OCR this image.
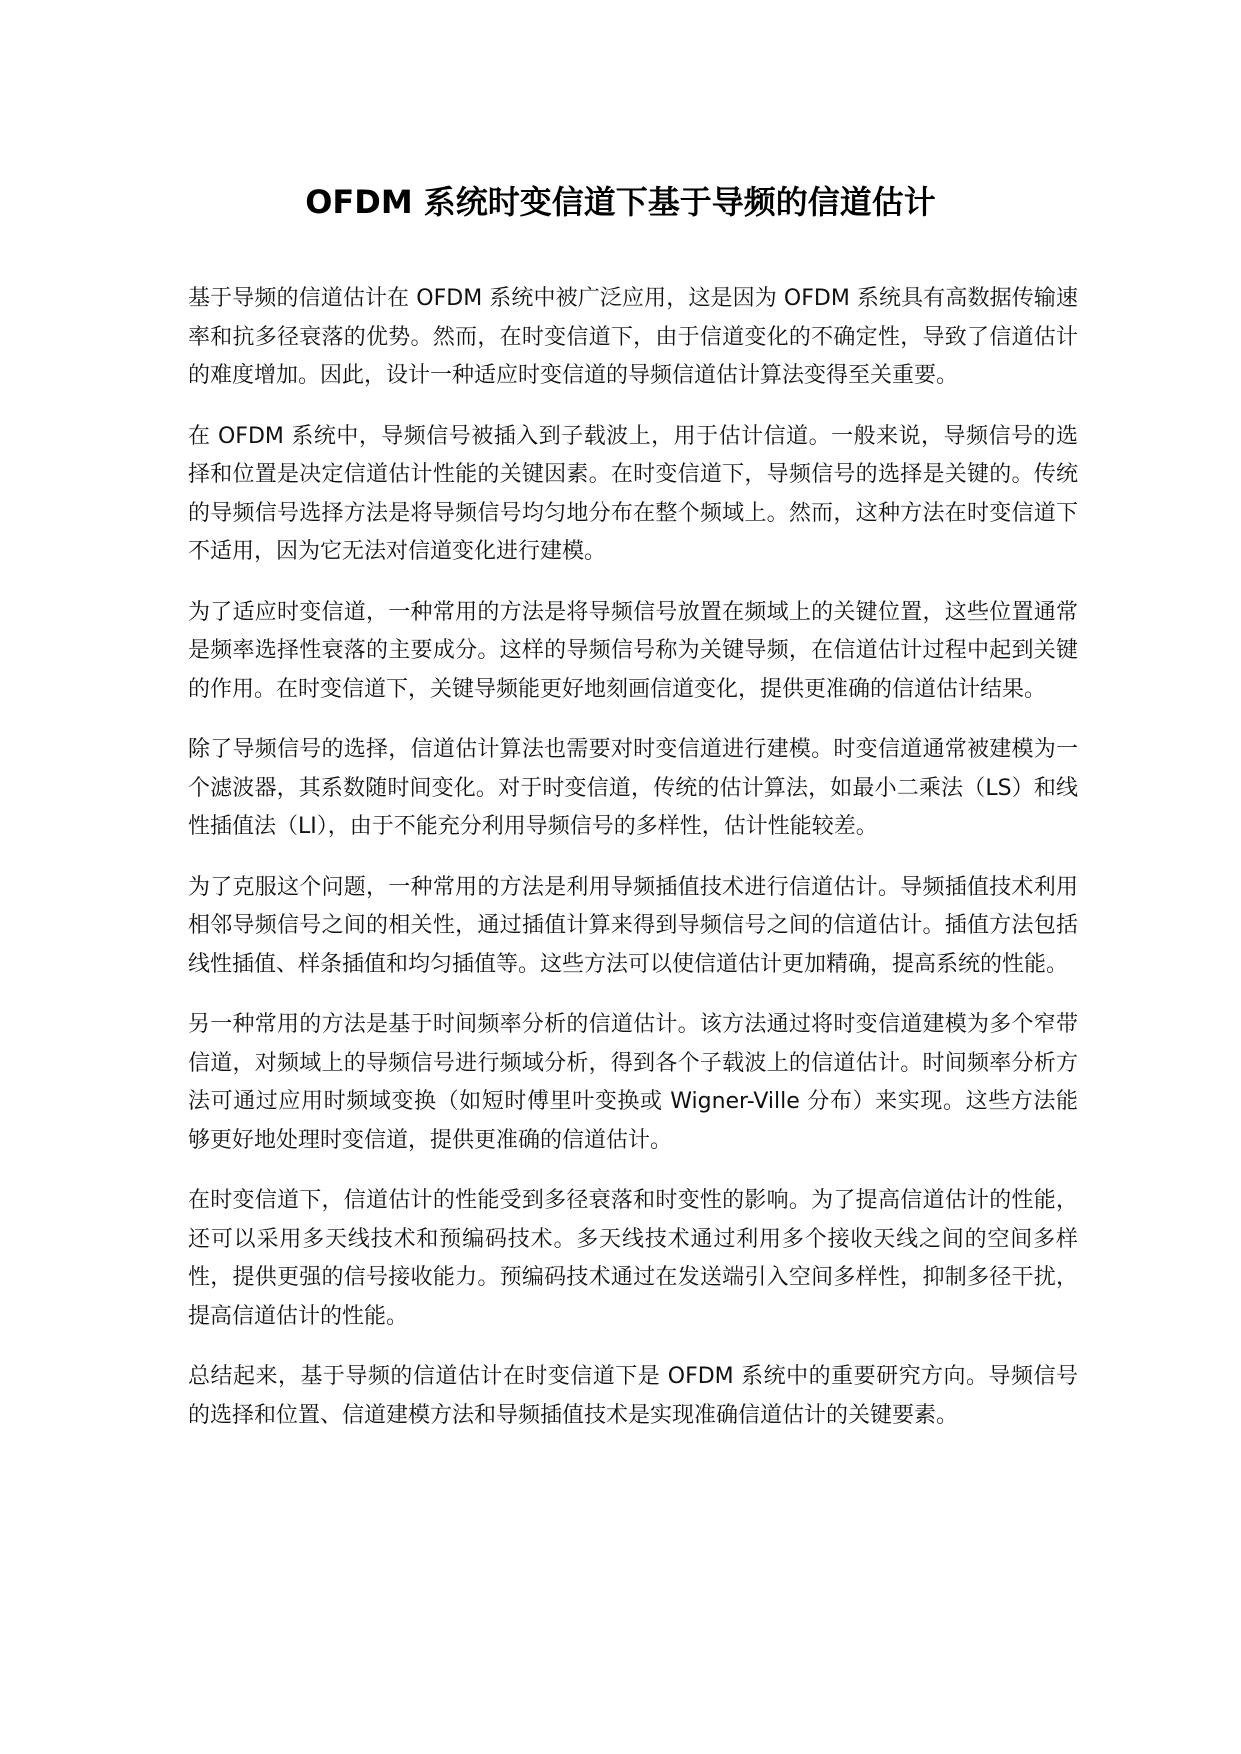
OFDM 系统时变信道下基于导频的信道估计

基于导频的信道估计在 OFDM 系统中被广泛应用，这是因为 OFDM 系统具有高数据传输速率和抗多径衰落的优势。然而，在时变信道下，由于信道变化的不确定性，导致了信道估计的难度增加。因此，设计一种适应时变信道的导频信道估计算法变得至关重要。

在 OFDM 系统中，导频信号被插入到子载波上，用于估计信道。一般来说，导频信号的选择和位置是决定信道估计性能的关键因素。在时变信道下，导频信号的选择是关键的。传统的导频信号选择方法是将导频信号均匀地分布在整个频域上。然而，这种方法在时变信道下不适用，因为它无法对信道变化进行建模。

为了适应时变信道，一种常用的方法是将导频信号放置在频域上的关键位置，这些位置通常是频率选择性衰落的主要成分。这样的导频信号称为关键导频，在信道估计过程中起到关键的作用。在时变信道下，关键导频能更好地刻画信道变化，提供更准确的信道估计结果。

除了导频信号的选择，信道估计算法也需要对时变信道进行建模。时变信道通常被建模为一个滤波器，其系数随时间变化。对于时变信道，传统的估计算法，如最小二乘法（LS）和线性插值法（LI），由于不能充分利用导频信号的多样性，估计性能较差。

为了克服这个问题，一种常用的方法是利用导频插值技术进行信道估计。导频插值技术利用相邻导频信号之间的相关性，通过插值计算来得到导频信号之间的信道估计。插值方法包括线性插值、样条插值和均匀插值等。这些方法可以使信道估计更加精确，提高系统的性能。

另一种常用的方法是基于时间频率分析的信道估计。该方法通过将时变信道建模为多个窄带信道，对频域上的导频信号进行频域分析，得到各个子载波上的信道估计。时间频率分析方法可通过应用时频域变换（如短时傅里叶变换或 Wigner-Ville 分布）来实现。这些方法能够更好地处理时变信道，提供更准确的信道估计。

在时变信道下，信道估计的性能受到多径衰落和时变性的影响。为了提高信道估计的性能，还可以采用多天线技术和预编码技术。多天线技术通过利用多个接收天线之间的空间多样性，提供更强的信号接收能力。预编码技术通过在发送端引入空间多样性，抑制多径干扰，提高信道估计的性能。

总结起来，基于导频的信道估计在时变信道下是 OFDM 系统中的重要研究方向。导频信号的选择和位置、信道建模方法和导频插值技术是实现准确信道估计的关键要素。
